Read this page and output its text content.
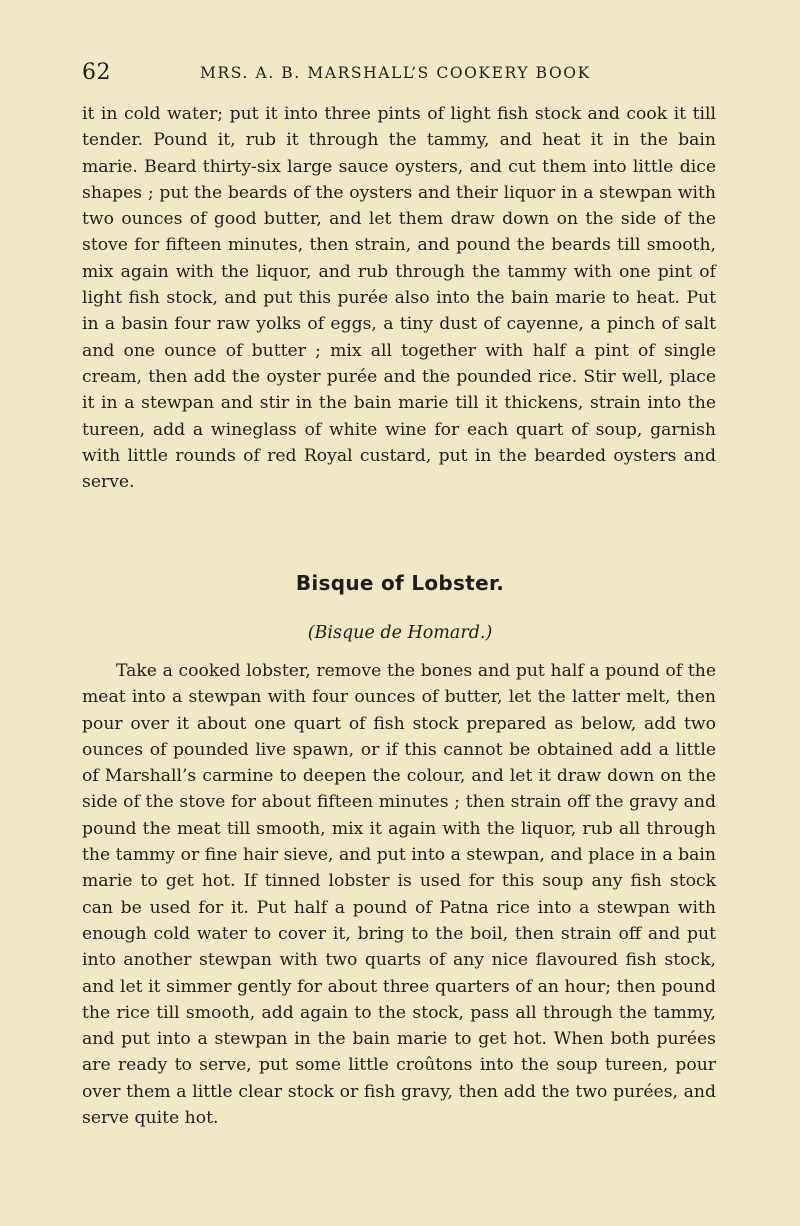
62	MRS. A. B. MARSHALL’S COOKERY BOOK

it in cold water; put it into three pints of light fish stock and cook it till tender. Pound it, rub it through the tammy, and heat it in the bain marie. Beard thirty-six large sauce oysters, and cut them into little dice shapes ; put the beards of the oysters and their liquor in a stewpan with two ounces of good butter, and let them draw down on the side of the stove for fifteen minutes, then strain, and pound the beards till smooth, mix again with the liquor, and rub through the tammy with one pint of light fish stock, and put this purée also into the bain marie to heat. Put in a basin four raw yolks of eggs, a tiny dust of cayenne, a pinch of salt and one ounce of butter ; mix all together with half a pint of single cream, then add the oyster purée and the pounded rice. Stir well, place it in a stewpan and stir in the bain marie till it thickens, strain into the tureen, add a wineglass of white wine for each quart of soup, garnish with little rounds of red Royal custard, put in the bearded oysters and serve.

Bisque of Lobster.

(Bisque de Homard.)

Take a cooked lobster, remove the bones and put half a pound of the meat into a stewpan with four ounces of butter, let the latter melt, then pour over it about one quart of fish stock prepared as below, add two ounces of pounded live spawn, or if this cannot be obtained add a little of Marshall’s carmine to deepen the colour, and let it draw down on the side of the stove for about fifteen minutes ; then strain off the gravy and pound the meat till smooth, mix it again with the liquor, rub all through the tammy or fine hair sieve, and put into a stewpan, and place in a bain marie to get hot. If tinned lobster is used for this soup any fish stock can be used for it. Put half a pound of Patna rice into a stewpan with enough cold water to cover it, bring to the boil, then strain off and put into another stewpan with two quarts of any nice flavoured fish stock, and let it simmer gently for about three quarters of an hour; then pound the rice till smooth, add again to the stock, pass all through the tammy, and put into a stewpan in the bain marie to get hot. When both purées are ready to serve, put some little croûtons into the soup tureen, pour over them a little clear stock or fish gravy, then add the two purées, and serve quite hot.
